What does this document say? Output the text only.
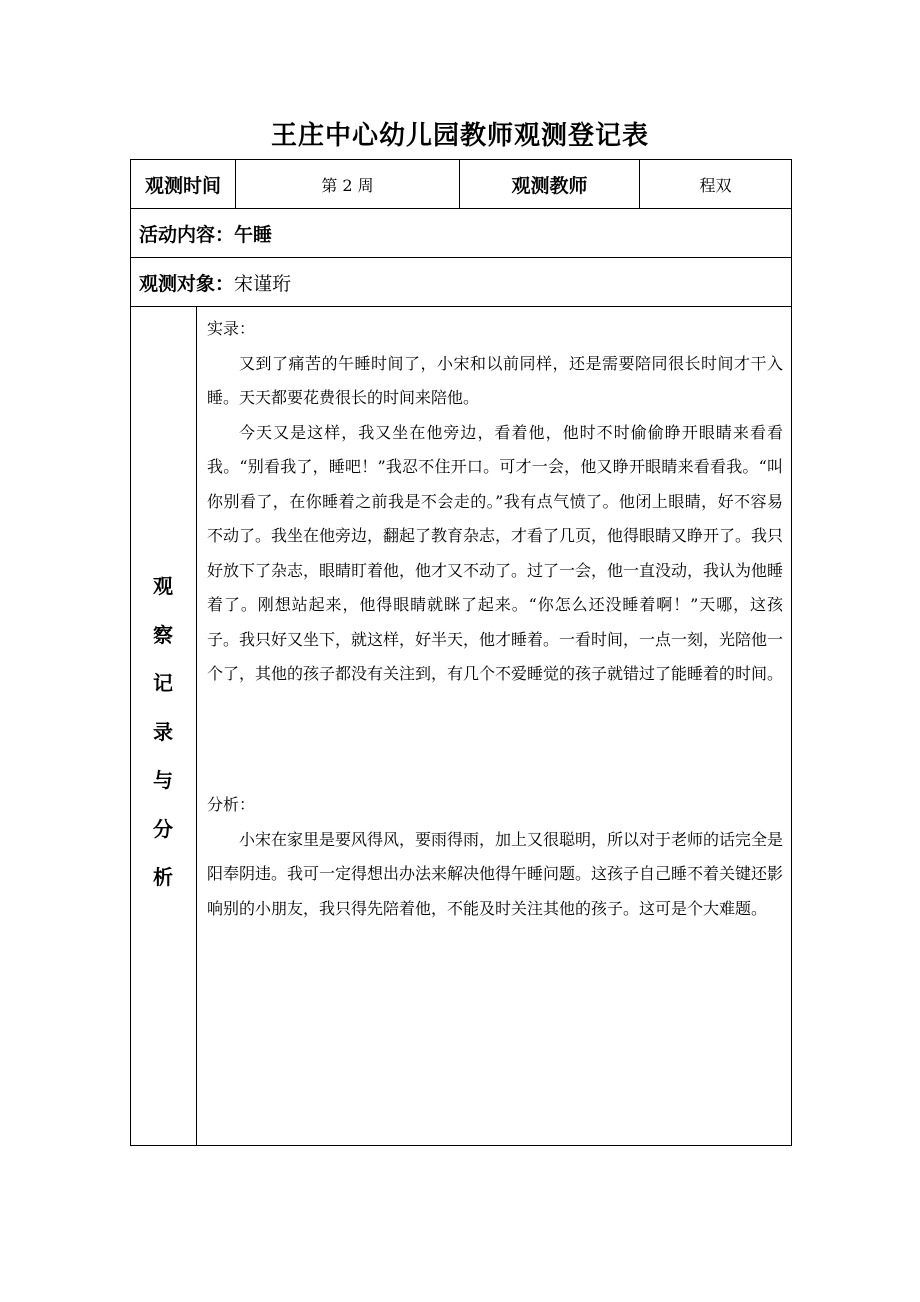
王庄中心幼儿园教师观测登记表
观测时间	第 2 周	观测教师	程双
活动内容： 午睡
观测对象： 宋谨珩
观
察
记
录
与
分
析

实录：

又到了痛苦的午睡时间了，小宋和以前同样，还是需要陪同很长时间才干入睡。天天都要花费很长的时间来陪他。

今天又是这样，我又坐在他旁边，看着他，他时不时偷偷睁开眼睛来看看我。“别看我了，睡吧！”我忍不住开口。可才一会，他又睁开眼睛来看看我。“叫你别看了，在你睡着之前我是不会走的。”我有点气愤了。他闭上眼睛，好不容易不动了。我坐在他旁边，翻起了教育杂志，才看了几页，他得眼睛又睁开了。我只好放下了杂志，眼睛盯着他，他才又不动了。过了一会，他一直没动，我认为他睡着了。刚想站起来，他得眼睛就眯了起来。“你怎么还没睡着啊！”天哪，这孩子。我只好又坐下，就这样，好半天，他才睡着。一看时间，一点一刻，光陪他一个了，其他的孩子都没有关注到，有几个不爱睡觉的孩子就错过了能睡着的时间。

分析：

小宋在家里是要风得风，要雨得雨，加上又很聪明，所以对于老师的话完全是阳奉阴违。我可一定得想出办法来解决他得午睡问题。这孩子自己睡不着关键还影响别的小朋友，我只得先陪着他，不能及时关注其他的孩子。这可是个大难题。
